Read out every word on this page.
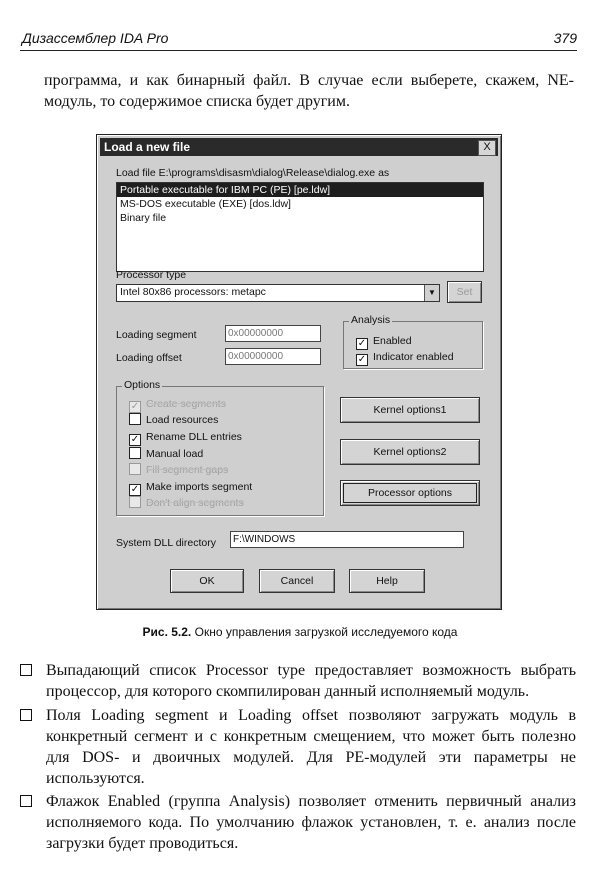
Дизассемблер IDA Pro	379
программа, и как бинарный файл. В случае если выберете, скажем, NE-модуль, то содержимое списка будет другим.
Load a new file	X
Load file E:\programs\disasm\dialog\Release\dialog.exe as
Portable executable for IBM PC (PE) [pe.ldw]
MS-DOS executable (EXE) [dos.ldw]
Binary file
Processor type
Intel 80x86 processors: metapc	▼	Set
Loading segment	0x00000000
Loading offset	0x00000000
Analysis
✓ Enabled
✓ Indicator enabled
Options
✓ Create segments
Load resources
✓ Rename DLL entries
Manual load
Fill segment gaps
✓ Make imports segment
Don't align segments
Kernel options1
Kernel options2
Processor options
System DLL directory	F:\WINDOWS
OK	Cancel	Help
Рис. 5.2. Окно управления загрузкой исследуемого кода
Выпадающий список Processor type предоставляет возможность выбрать процессор, для которого скомпилирован данный исполняемый модуль.
Поля Loading segment и Loading offset позволяют загружать модуль в конкретный сегмент и с конкретным смещением, что может быть полезно для DOS- и двоичных модулей. Для PE-модулей эти параметры не используются.
Флажок Enabled (группа Analysis) позволяет отменить первичный анализ исполняемого кода. По умолчанию флажок установлен, т. е. анализ после загрузки будет проводиться.
